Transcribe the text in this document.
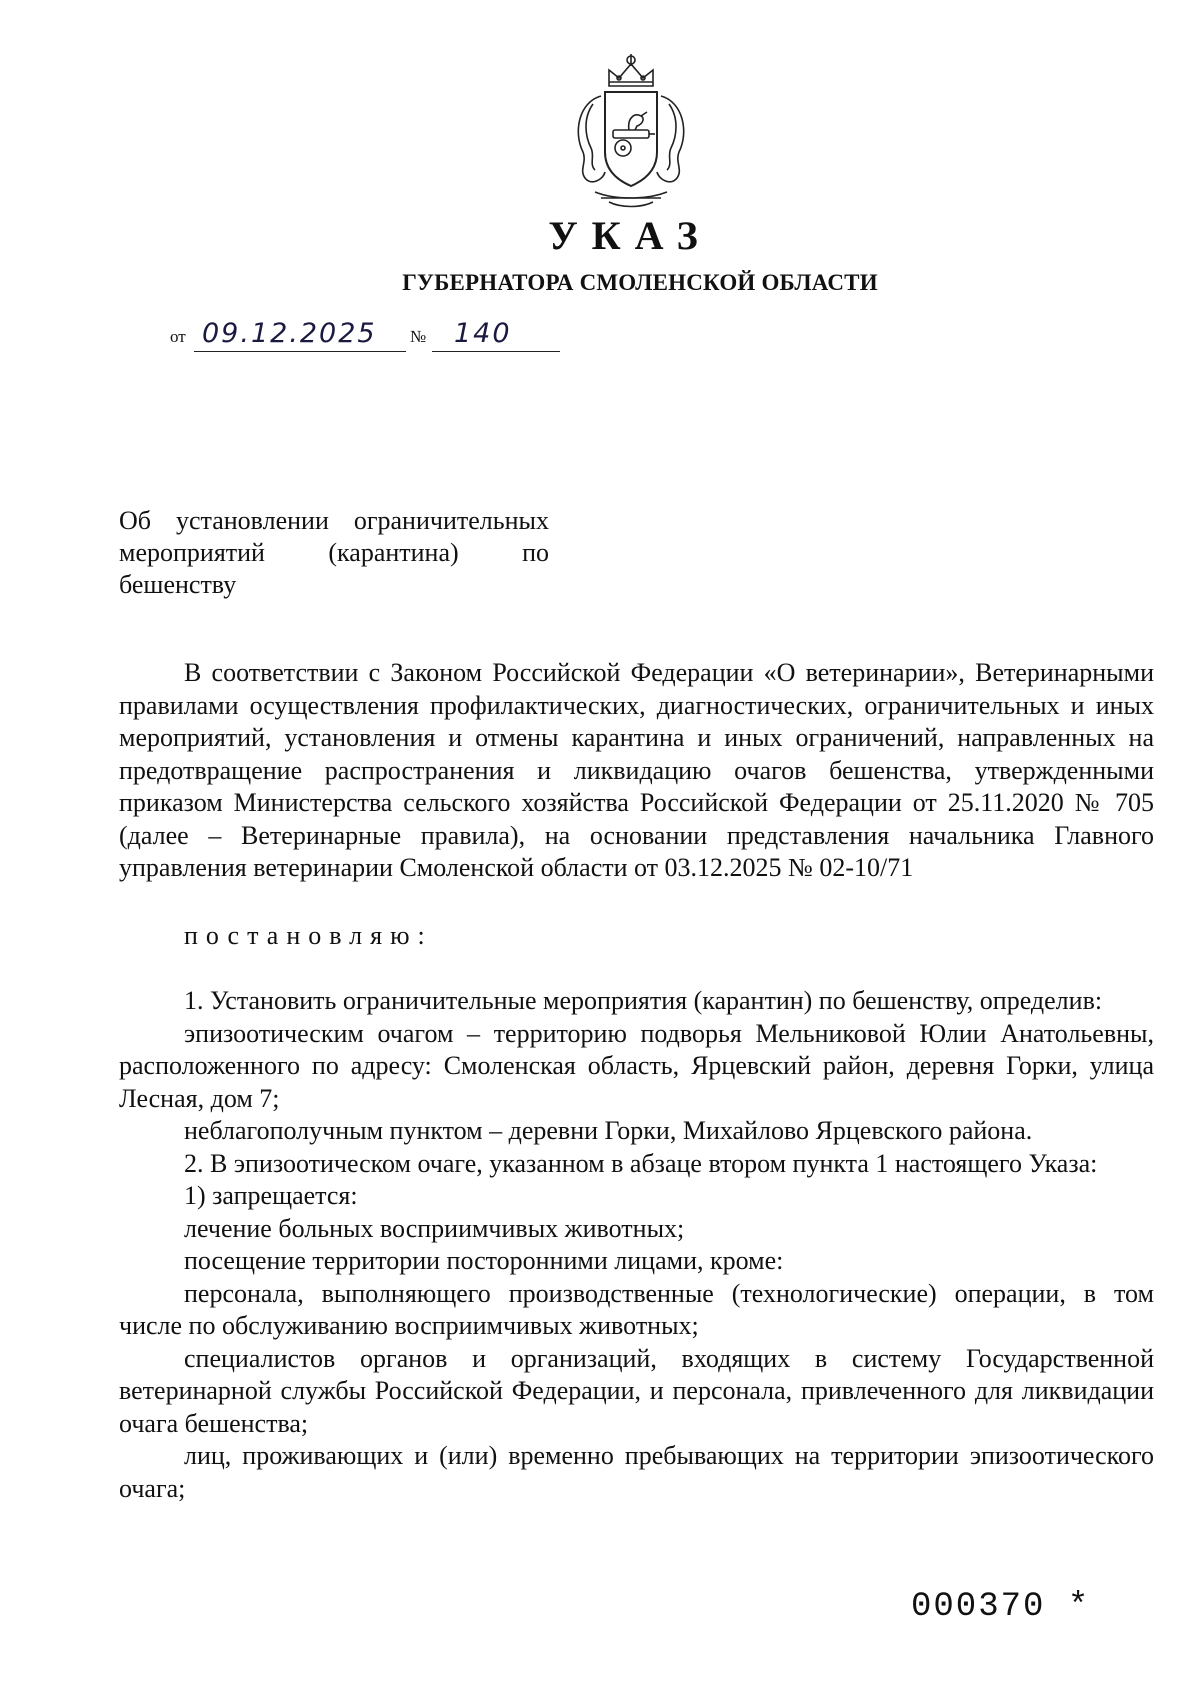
УКАЗ
ГУБЕРНАТОРА СМОЛЕНСКОЙ ОБЛАСТИ
от 09.12.2025	№	140
Об установлении ограничительных
мероприятий (карантина) по
бешенству

В соответствии с Законом Российской Федерации «О ветеринарии», Ветеринарными правилами осуществления профилактических, диагностических, ограничительных и иных мероприятий, установления и отмены карантина и иных ограничений, направленных на предотвращение распространения и ликвидацию очагов бешенства, утвержденными приказом Министерства сельского хозяйства Российской Федерации от 25.11.2020 № 705 (далее – Ветеринарные правила), на основании представления начальника Главного управления ветеринарии Смоленской области от 03.12.2025 № 02-10/71

постановляю:

1. Установить ограничительные мероприятия (карантин) по бешенству, определив:

эпизоотическим очагом – территорию подворья Мельниковой Юлии Анатольевны, расположенного по адресу: Смоленская область, Ярцевский район, деревня Горки, улица Лесная, дом 7;

неблагополучным пунктом – деревни Горки, Михайлово Ярцевского района.

2. В эпизоотическом очаге, указанном в абзаце втором пункта 1 настоящего Указа:

1) запрещается:

лечение больных восприимчивых животных;

посещение территории посторонними лицами, кроме:

персонала, выполняющего производственные (технологические) операции, в том числе по обслуживанию восприимчивых животных;

специалистов органов и организаций, входящих в систему Государственной ветеринарной службы Российской Федерации, и персонала, привлеченного для ликвидации очага бешенства;

лиц, проживающих и (или) временно пребывающих на территории эпизоотического очага;

000370 *
